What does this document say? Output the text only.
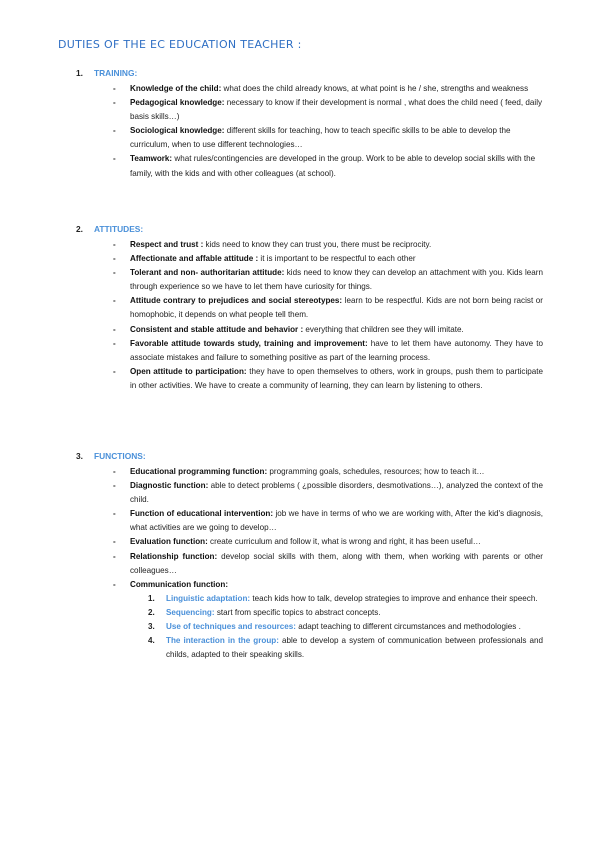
DUTIES OF THE EC EDUCATION TEACHER :
1. TRAINING:
- Knowledge of the child: what does the child already knows, at what point is he / she, strengths and weakness
- Pedagogical knowledge: necessary to know if their development is normal , what does the child need ( feed, daily basis skills…)
- Sociological knowledge: different skills for teaching, how to teach specific skills to be able to develop the curriculum, when to use different technologies…
- Teamwork: what rules/contingencies are developed in the group. Work to be able to develop social skills with the family, with the kids and with other colleagues (at school).
2. ATTITUDES:
- Respect and trust : kids need to know they can trust you, there must be reciprocity.
- Affectionate and affable attitude : it is important to be respectful to each other
- Tolerant and non- authoritarian attitude: kids need to know they can develop an attachment with you. Kids learn through experience so we have to let them have curiosity for things.
- Attitude contrary to prejudices and social stereotypes: learn to be respectful. Kids are not born being racist or homophobic, it depends on what people tell them.
- Consistent and stable attitude and behavior : everything that children see they will imitate.
- Favorable attitude towards study, training and improvement: have to let them have autonomy. They have to associate mistakes and failure to something positive as part of the learning process.
- Open attitude to participation: they have to open themselves to others, work in groups, push them to participate in other activities. We have to create a community of learning, they can learn by listening to others.
3. FUNCTIONS:
- Educational programming function: programming goals, schedules, resources; how to teach it…
- Diagnostic function: able to detect problems ( ¿possible disorders, desmotivations…), analyzed the context of the child.
- Function of educational intervention: job we have in terms of who we are working with, After the kid's diagnosis, what activities are we going to develop…
- Evaluation function: create curriculum and follow it, what is wrong and right, it has been useful…
- Relationship function: develop social skills with them, along with them, when working with parents or other colleagues…
- Communication function:
1. Linguistic adaptation: teach kids how to talk, develop strategies to improve and enhance their speech.
2. Sequencing: start from specific topics to abstract concepts.
3. Use of techniques and resources: adapt teaching to different circumstances and methodologies .
4. The interaction in the group: able to develop a system of communication between professionals and childs, adapted to their speaking skills.
